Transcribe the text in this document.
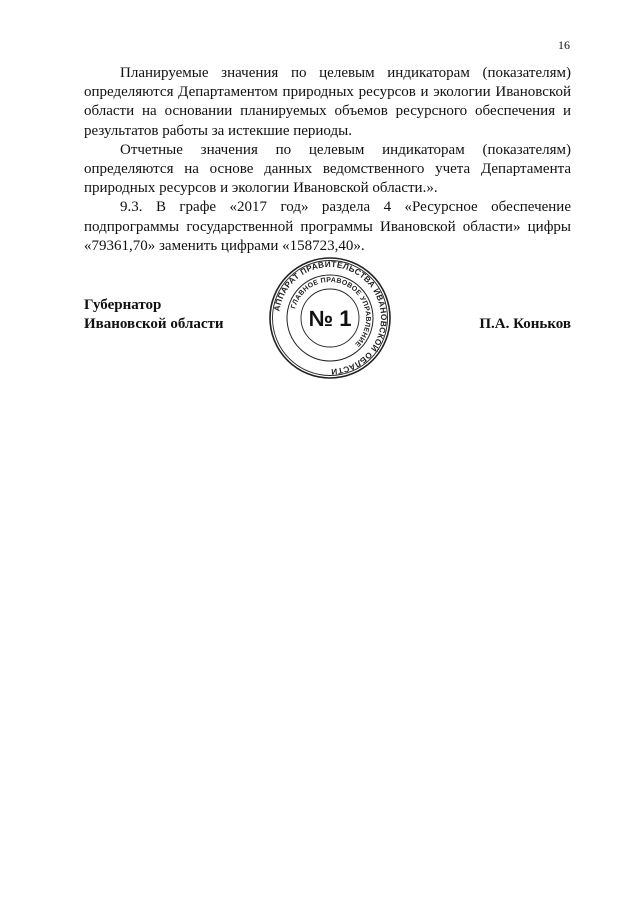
16

Планируемые значения по целевым индикаторам (показателям) определяются Департаментом природных ресурсов и экологии Ивановской области на основании планируемых объемов ресурсного обеспечения и результатов работы за истекшие периоды.

Отчетные значения по целевым индикаторам (показателям) определяются на основе данных ведомственного учета Департамента природных ресурсов и экологии Ивановской области.».

9.3. В графе «2017 год» раздела 4 «Ресурсное обеспечение подпрограммы государственной программы Ивановской области» цифры «79361,70» заменить цифрами «158723,40».

Губернатор
Ивановской области	П.А. Коньков
АППАРАТ ПРАВИТЕЛЬСТВА ИВАНОВСКОЙ ОБЛАСТИ
ГЛАВНОЕ ПРАВОВОЕ УПРАВЛЕНИЕ
№ 1
